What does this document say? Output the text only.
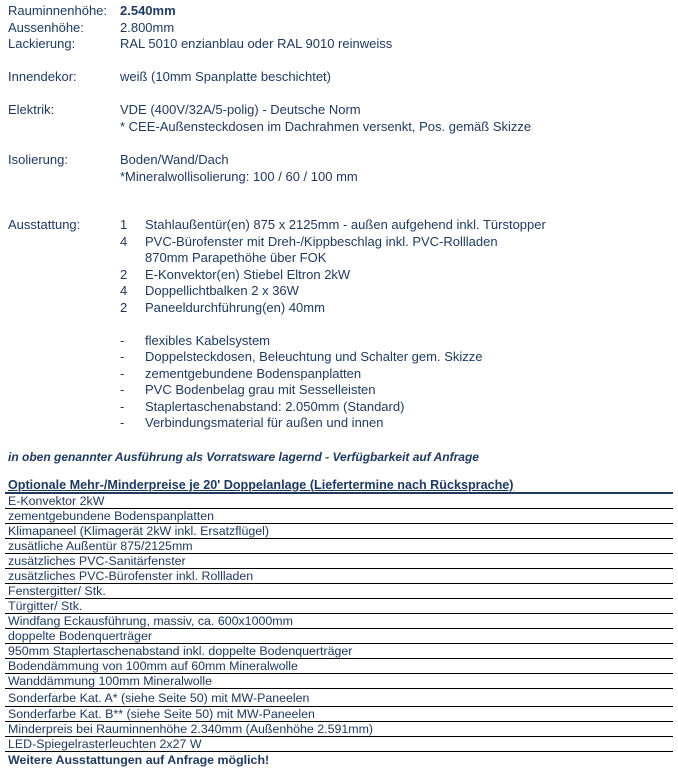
Rauminnenhöhe: 2.540mm
Aussenhöhe:	2.800mm
Lackierung:	RAL 5010 enzianblau oder RAL 9010 reinweiss
Innendekor:	weiß (10mm Spanplatte beschichtet)
Elektrik:	VDE (400V/32A/5-polig) - Deutsche Norm
* CEE-Außensteckdosen im Dachrahmen versenkt, Pos. gemäß Skizze
Isolierung:	Boden/Wand/Dach
*Mineralwollisolierung: 100 / 60 / 100 mm
Ausstattung:	1	Stahlaußentür(en) 875 x 2125mm - außen aufgehend inkl. Türstopper
4	PVC-Bürofenster mit Dreh-/Kippbeschlag inkl. PVC-Rollladen
870mm Parapethöhe über FOK
2	E-Konvektor(en) Stiebel Eltron 2kW
4	Doppellichtbalken 2 x 36W
2	Paneeldurchführung(en) 40mm
-	flexibles Kabelsystem
-	Doppelsteckdosen, Beleuchtung und Schalter gem. Skizze
-	zementgebundene Bodenspanplatten
-	PVC Bodenbelag grau mit Sesselleisten
-	Staplertaschenabstand: 2.050mm (Standard)
-	Verbindungsmaterial für außen und innen
in oben genannter Ausführung als Vorratsware lagernd - Verfügbarkeit auf Anfrage
Optionale Mehr-/Minderpreise je 20' Doppelanlage (Liefertermine nach Rücksprache)
E-Konvektor 2kW
zementgebundene Bodenspanplatten
Klimapaneel (Klimagerät 2kW inkl. Ersatzflügel)
zusätliche Außentür 875/2125mm
zusätzliches PVC-Sanitärfenster
zusätzliches PVC-Bürofenster inkl. Rollladen
Fenstergitter/ Stk.
Türgitter/ Stk.
Windfang Eckausführung, massiv, ca. 600x1000mm
doppelte Bodenquerträger
950mm Staplertaschenabstand inkl. doppelte Bodenquerträger
Bodendämmung von 100mm auf 60mm Mineralwolle
Wanddämmung 100mm Mineralwolle
Sonderfarbe Kat. A* (siehe Seite 50) mit MW-Paneelen
Sonderfarbe Kat. B** (siehe Seite 50) mit MW-Paneelen
Minderpreis bei Rauminnenhöhe 2.340mm (Außenhöhe 2.591mm)
LED-Spiegelrasterleuchten 2x27 W
Weitere Ausstattungen auf Anfrage möglich!
